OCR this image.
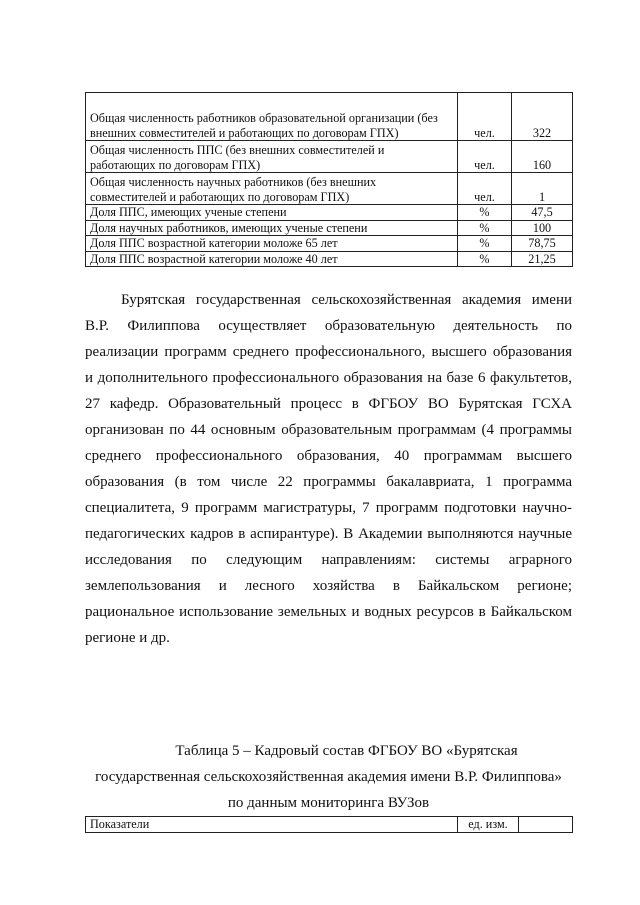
Общая численность работников образовательной организации (без внешних совместителей и работающих по договорам ГПХ)	чел.	322
Общая численность ППС (без внешних совместителей и работающих по договорам ГПХ)	чел.	160
Общая численность научных работников (без внешних совместителей и работающих по договорам ГПХ)	чел.	1
Доля ППС, имеющих ученые степени	%	47,5
Доля научных работников, имеющих ученые степени	%	100
Доля ППС возрастной категории моложе 65 лет	%	78,75
Доля ППС возрастной категории моложе 40 лет	%	21,25

Бурятская государственная сельскохозяйственная академия имени В.Р. Филиппова осуществляет образовательную деятельность по реализации программ среднего профессионального, высшего образования и дополнительного профессионального образования на базе 6 факультетов, 27 кафедр. Образовательный процесс в ФГБОУ ВО Бурятская ГСХА организован по 44 основным образовательным программам (4 программы среднего профессионального образования, 40 программам высшего образования (в том числе 22 программы бакалавриата, 1 программа специалитета, 9 программ магистратуры, 7 программ подготовки научно-педагогических кадров в аспирантуре). В Академии выполняются научные исследования по следующим направлениям: системы аграрного землепользования и лесного хозяйства в Байкальском регионе; рациональное использование земельных и водных ресурсов в Байкальском регионе и др.

Таблица 5 – Кадровый состав ФГБОУ ВО «Бурятская
государственная сельскохозяйственная академия имени В.Р. Филиппова»
по данным мониторинга ВУЗов
Показатели	ед. изм.	
